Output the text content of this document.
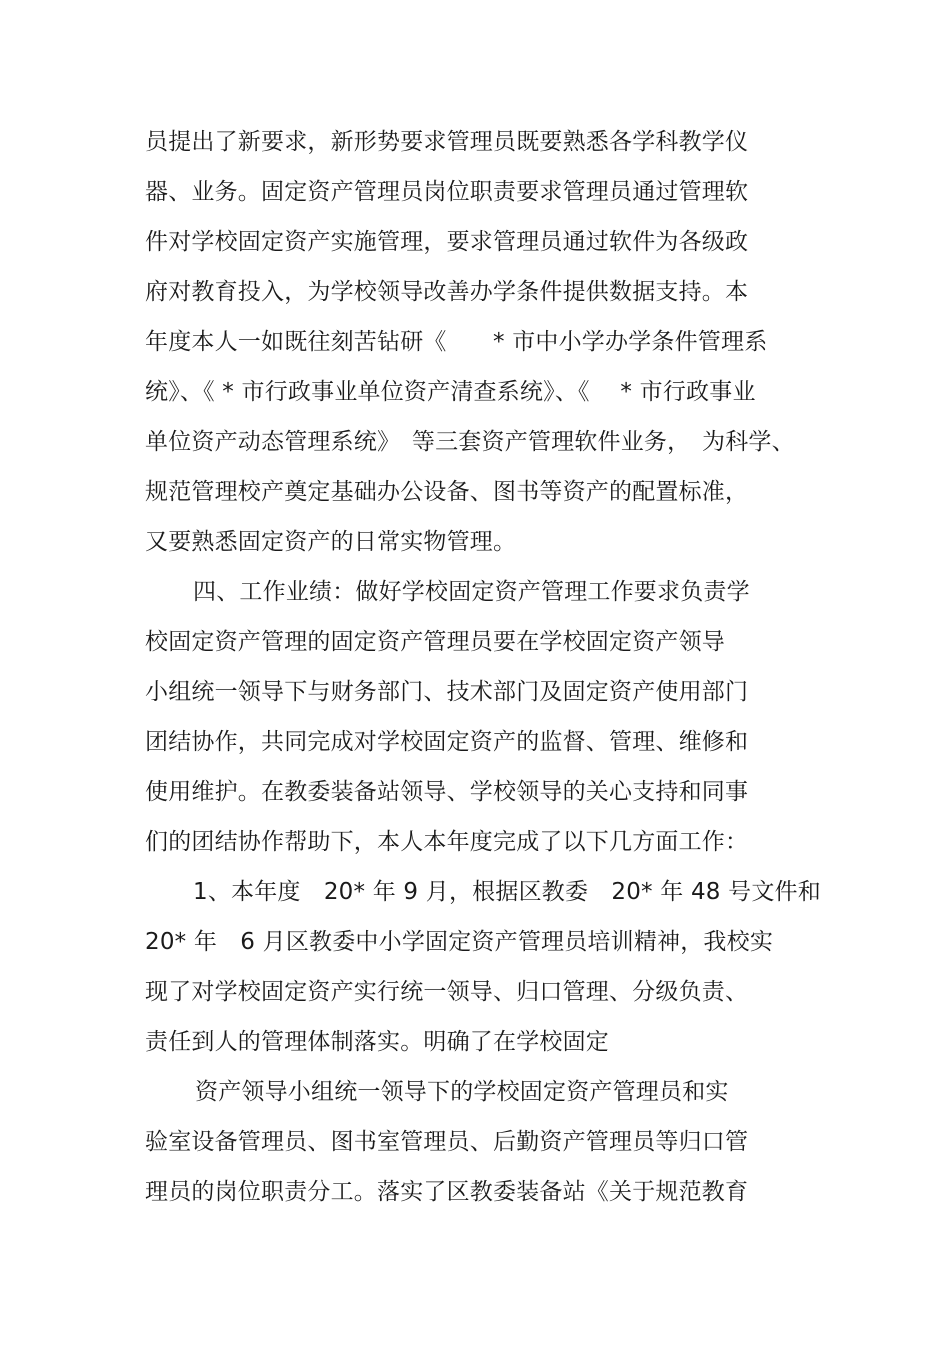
员提出了新要求，新形势要求管理员既要熟悉各学科教学仪
器、业务。固定资产管理员岗位职责要求管理员通过管理软
件对学校固定资产实施管理，要求管理员通过软件为各级政
府对教育投入，为学校领导改善办学条件提供数据支持。本
年度本人一如既往刻苦钻研《　　* 市中小学办学条件管理系
统》、《 * 市行政事业单位资产清查系统》、《　 * 市行政事业
单位资产动态管理系统》　等三套资产管理软件业务，　为科学、
规范管理校产奠定基础办公设备、图书等资产的配置标准，
又要熟悉固定资产的日常实物管理。
四、工作业绩：做好学校固定资产管理工作要求负责学
校固定资产管理的固定资产管理员要在学校固定资产领导
小组统一领导下与财务部门、技术部门及固定资产使用部门
团结协作，共同完成对学校固定资产的监督、管理、维修和
使用维护。在教委装备站领导、学校领导的关心支持和同事
们的团结协作帮助下，本人本年度完成了以下几方面工作：
1、本年度　20* 年 9 月，根据区教委　20* 年 48 号文件和
20* 年　6 月区教委中小学固定资产管理员培训精神，我校实
现了对学校固定资产实行统一领导、归口管理、分级负责、
责任到人的管理体制落实。明确了在学校固定
资产领导小组统一领导下的学校固定资产管理员和实
验室设备管理员、图书室管理员、后勤资产管理员等归口管
理员的岗位职责分工。落实了区教委装备站《关于规范教育
